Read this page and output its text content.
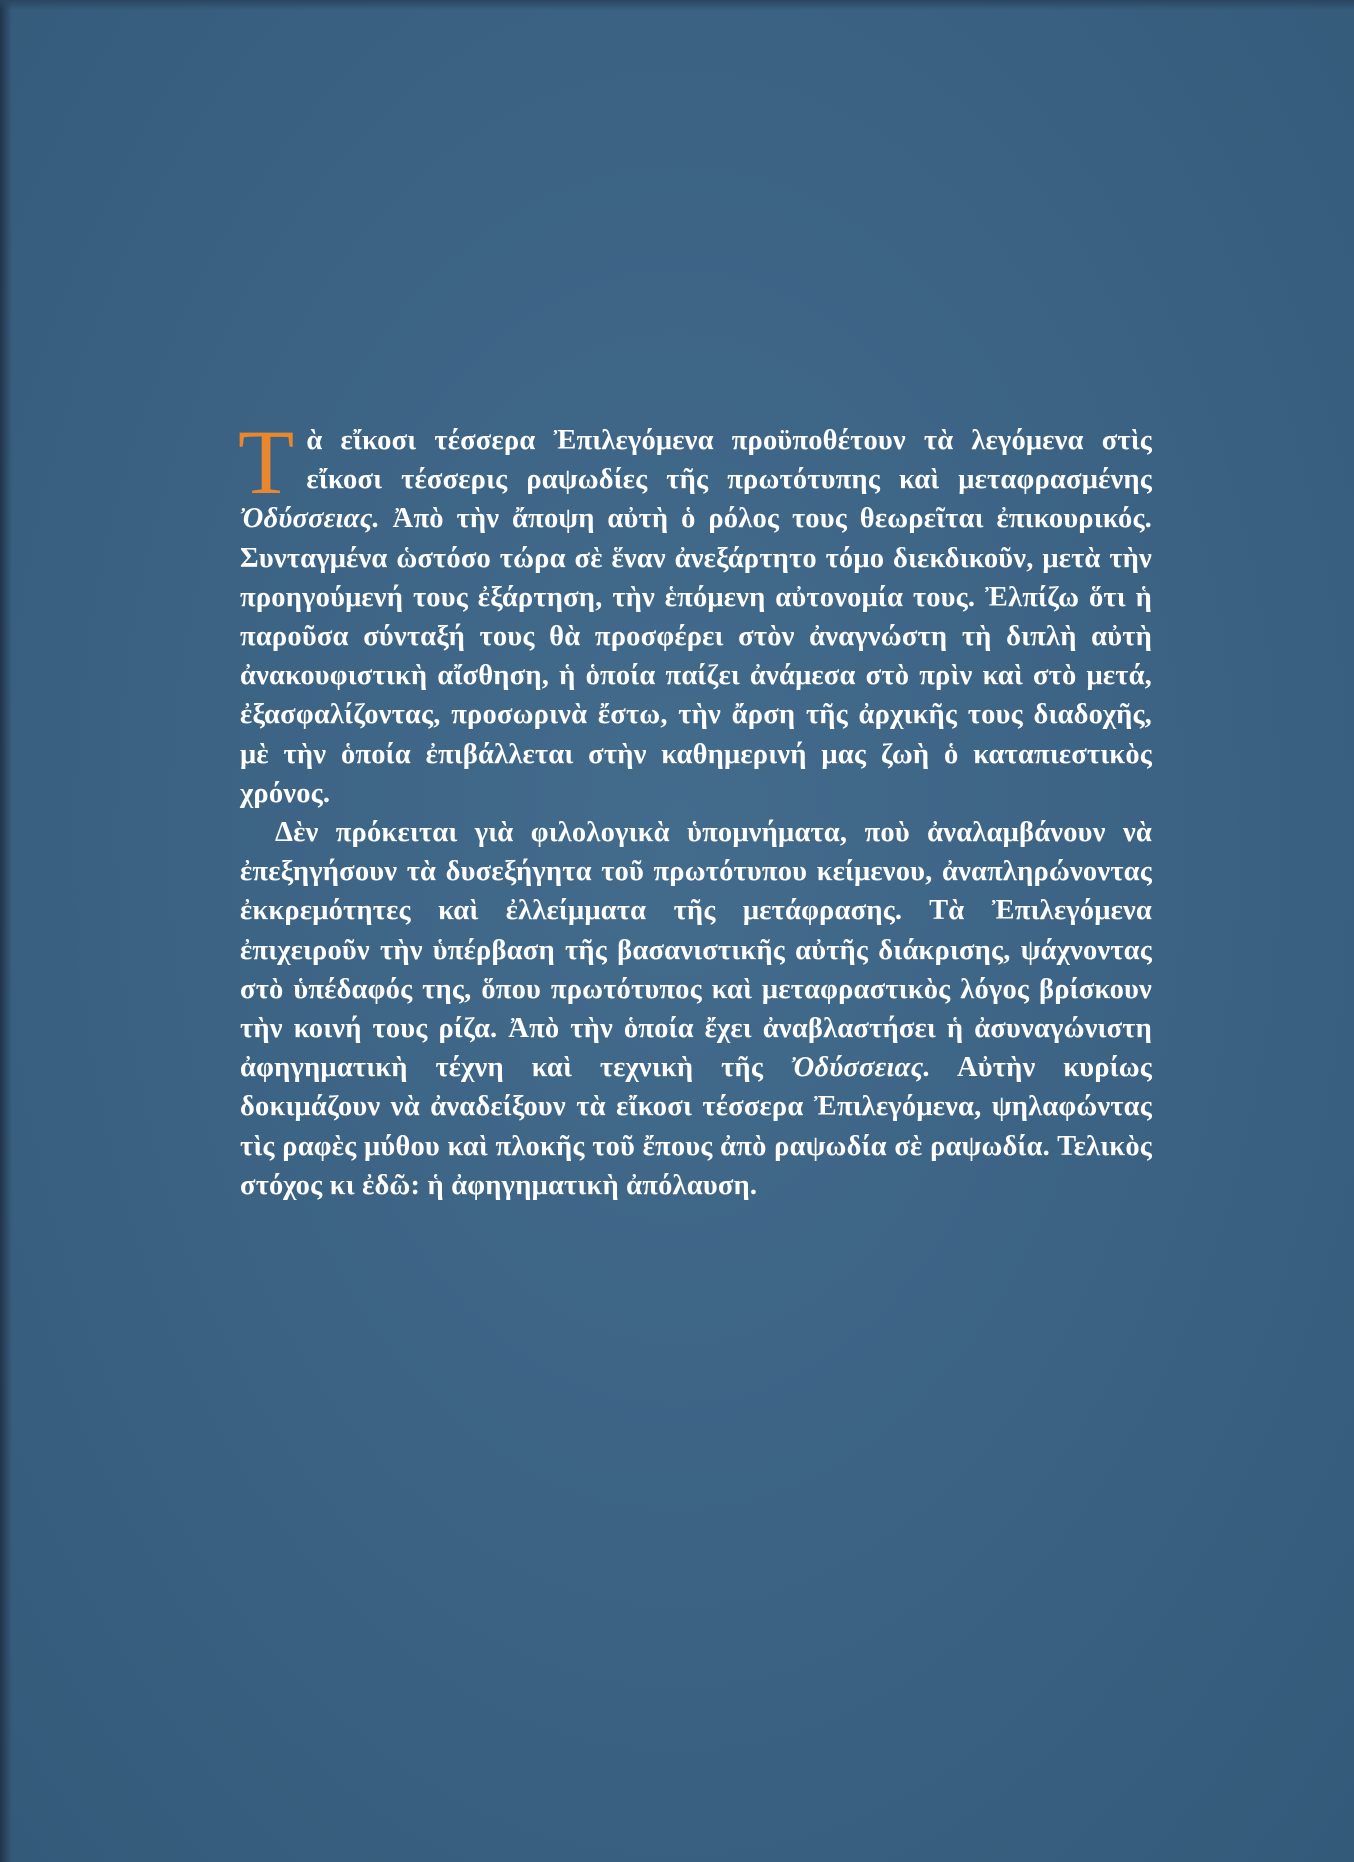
Τὰ εἴκοσι τέσσερα Ἐπιλεγόμενα προϋποθέτουν τὰ λεγόμενα στὶς εἴκοσι τέσσερις ραψωδίες τῆς πρωτότυπης καὶ μεταφρασμένης Ὀδύσσειας. Ἀπὸ τὴν ἄποψη αὐτὴ ὁ ρόλος τους θεωρεῖται ἐπικουρικός. Συνταγμένα ὡστόσο τώρα σὲ ἕναν ἀνεξάρτητο τόμο διεκδικοῦν, μετὰ τὴν προηγούμενή τους ἐξάρτηση, τὴν ἑπόμενη αὐτονομία τους. Ἐλπίζω ὅτι ἡ παροῦσα σύνταξή τους θὰ προσφέρει στὸν ἀναγνώστη τὴ διπλὴ αὐτὴ ἀνακουφιστικὴ αἴσθηση, ἡ ὁποία παίζει ἀνάμεσα στὸ πρὶν καὶ στὸ μετά, ἐξασφαλίζοντας, προσωρινὰ ἔστω, τὴν ἄρση τῆς ἀρχικῆς τους διαδοχῆς, μὲ τὴν ὁποία ἐπιβάλλεται στὴν καθημερινή μας ζωὴ ὁ καταπιεστικὸς χρόνος.

Δὲν πρόκειται γιὰ φιλολογικὰ ὑπομνήματα, ποὺ ἀναλαμβάνουν νὰ ἐπεξηγήσουν τὰ δυσεξήγητα τοῦ πρωτότυπου κείμενου, ἀναπληρώνοντας ἐκκρεμότητες καὶ ἐλλείμματα τῆς μετάφρασης. Τὰ Ἐπιλεγόμενα ἐπιχειροῦν τὴν ὑπέρβαση τῆς βασανιστικῆς αὐτῆς διάκρισης, ψάχνοντας στὸ ὑπέδαφός της, ὅπου πρωτότυπος καὶ μεταφραστικὸς λόγος βρίσκουν τὴν κοινή τους ρίζα. Ἀπὸ τὴν ὁποία ἔχει ἀναβλαστήσει ἡ ἀσυναγώνιστη ἀφηγηματικὴ τέχνη καὶ τεχνικὴ τῆς Ὀδύσσειας. Αὐτὴν κυρίως δοκιμάζουν νὰ ἀναδείξουν τὰ εἴκοσι τέσσερα Ἐπιλεγόμενα, ψηλαφώντας τὶς ραφὲς μύθου καὶ πλοκῆς τοῦ ἔπους ἀπὸ ραψωδία σὲ ραψωδία. Τελικὸς στόχος κι ἐδῶ: ἡ ἀφηγηματικὴ ἀπόλαυση.
